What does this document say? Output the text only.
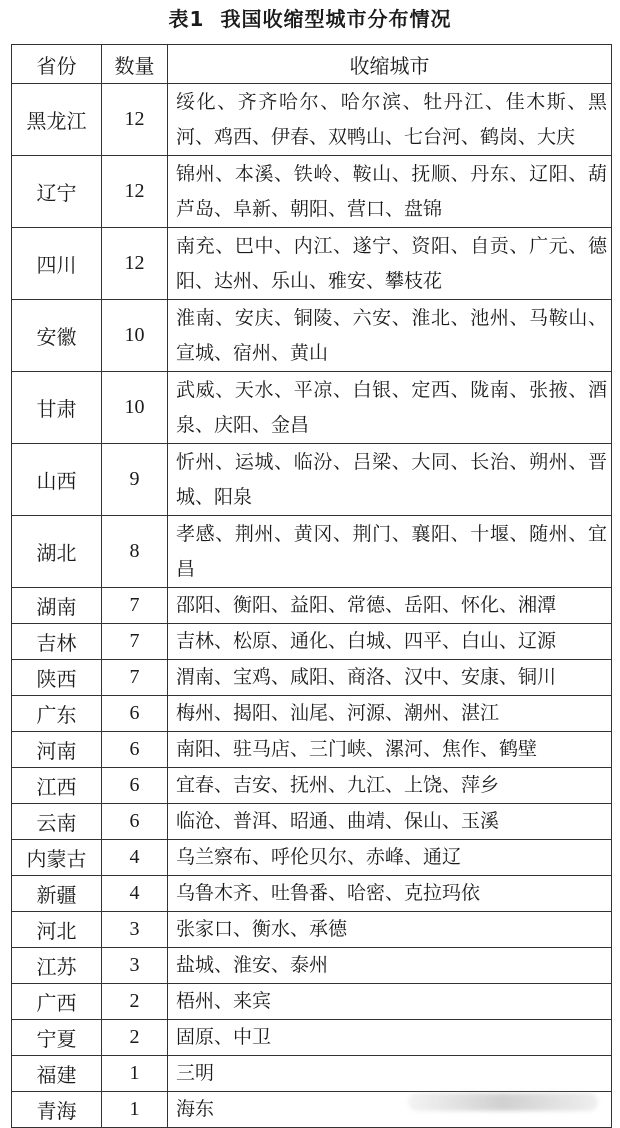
表1 我国收缩型城市分布情况
省份	数量	收缩城市
黑龙江	12	绥化、齐齐哈尔、哈尔滨、牡丹江、佳木斯、黑河、鸡西、伊春、双鸭山、七台河、鹤岗、大庆
辽宁	12	锦州、本溪、铁岭、鞍山、抚顺、丹东、辽阳、葫芦岛、阜新、朝阳、营口、盘锦
四川	12	南充、巴中、内江、遂宁、资阳、自贡、广元、德阳、达州、乐山、雅安、攀枝花
安徽	10	淮南、安庆、铜陵、六安、淮北、池州、马鞍山、宣城、宿州、黄山
甘肃	10	武威、天水、平凉、白银、定西、陇南、张掖、酒泉、庆阳、金昌
山西	9	忻州、运城、临汾、吕梁、大同、长治、朔州、晋城、阳泉
湖北	8	孝感、荆州、黄冈、荆门、襄阳、十堰、随州、宜昌
湖南	7	邵阳、衡阳、益阳、常德、岳阳、怀化、湘潭
吉林	7	吉林、松原、通化、白城、四平、白山、辽源
陕西	7	渭南、宝鸡、咸阳、商洛、汉中、安康、铜川
广东	6	梅州、揭阳、汕尾、河源、潮州、湛江
河南	6	南阳、驻马店、三门峡、漯河、焦作、鹤壁
江西	6	宜春、吉安、抚州、九江、上饶、萍乡
云南	6	临沧、普洱、昭通、曲靖、保山、玉溪
内蒙古	4	乌兰察布、呼伦贝尔、赤峰、通辽
新疆	4	乌鲁木齐、吐鲁番、哈密、克拉玛依
河北	3	张家口、衡水、承德
江苏	3	盐城、淮安、泰州
广西	2	梧州、来宾
宁夏	2	固原、中卫
福建	1	三明
青海	1	海东
